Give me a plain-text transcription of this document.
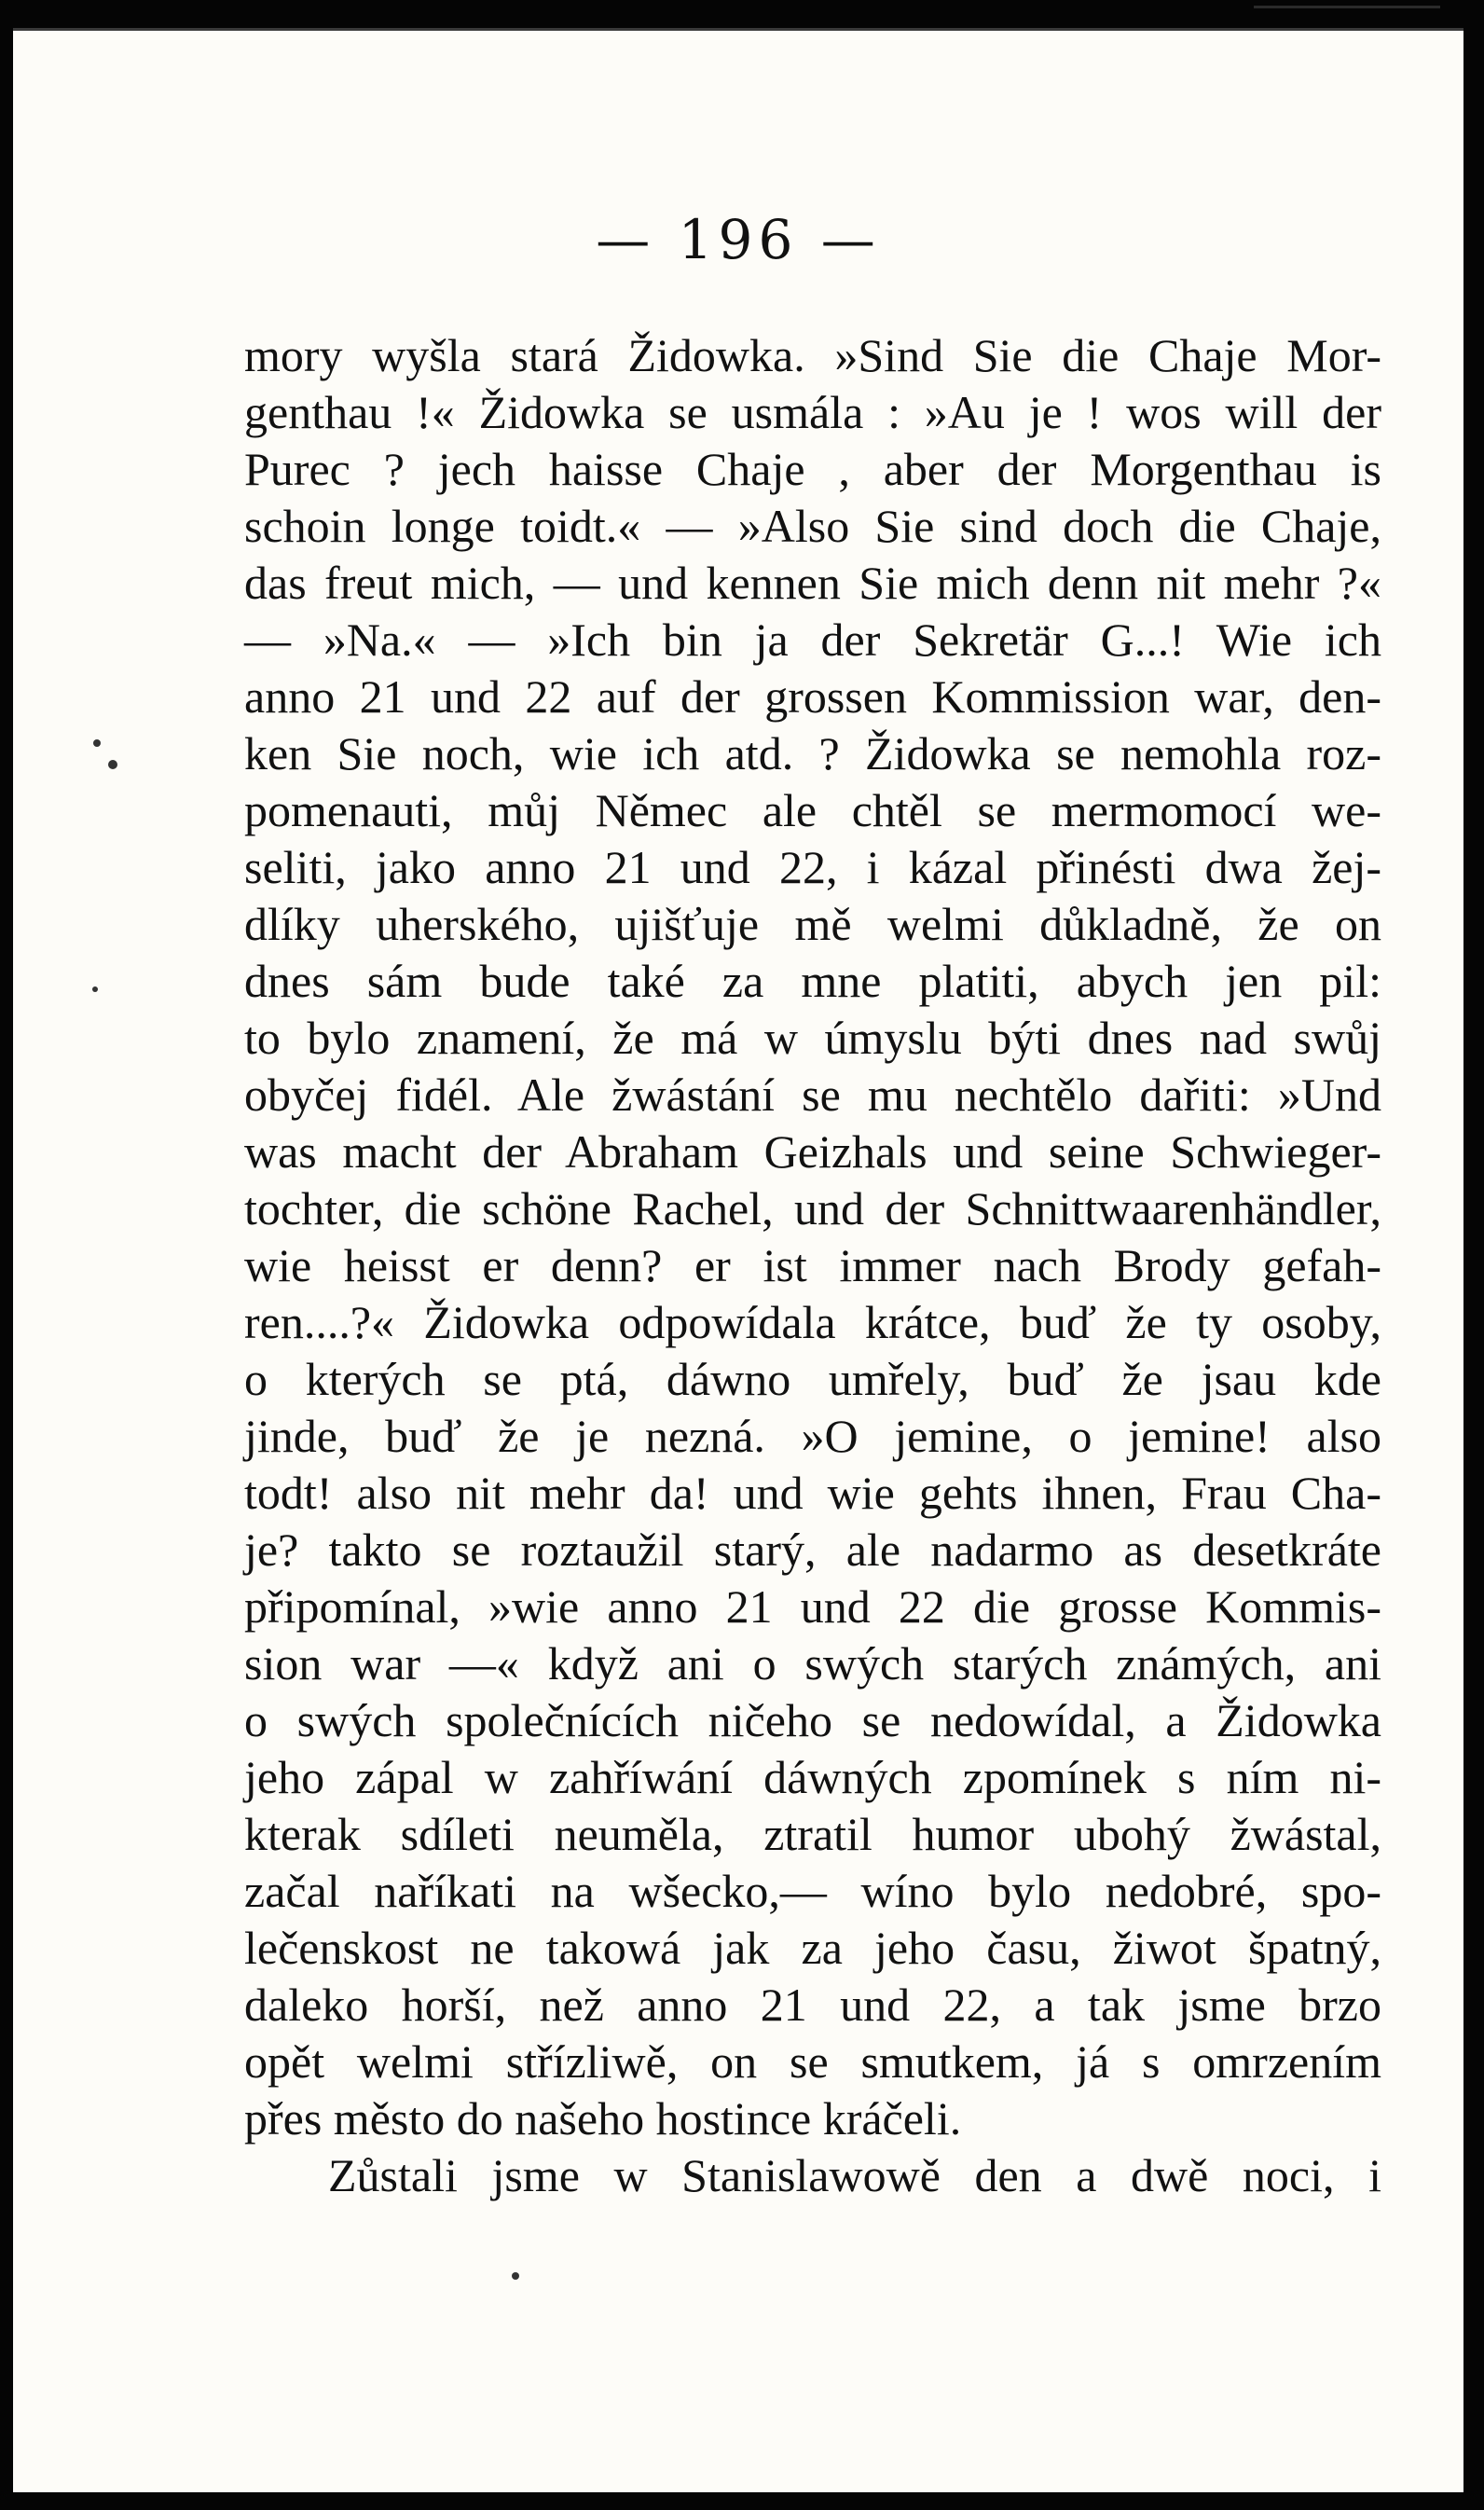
— 196 —
mory wyšla stará Židowka. »Sind Sie die Chaje Mor-
genthau !« Židowka se usmála : »Au je ! wos will der
Purec ? jech haisse Chaje , aber der Morgenthau is
schoin longe toidt.« — »Also Sie sind doch die Chaje,
das freut mich, — und kennen Sie mich denn nit mehr ?«
— »Na.« — »Ich bin ja der Sekretär G...! Wie ich
anno 21 und 22 auf der grossen Kommission war, den-
ken Sie noch, wie ich atd. ? Židowka se nemohla roz-
pomenauti, můj Němec ale chtěl se mermomocí we-
seliti, jako anno 21 und 22, i kázal přinésti dwa žej-
dlíky uherského, ujišťuje mě welmi důkladně, že on
dnes sám bude také za mne platiti, abych jen pil:
to bylo znamení, že má w úmyslu býti dnes nad swůj
obyčej fidél. Ale žwástání se mu nechtělo dařiti: »Und
was macht der Abraham Geizhals und seine Schwieger-
tochter, die schöne Rachel, und der Schnittwaarenhändler,
wie heisst er denn? er ist immer nach Brody gefah-
ren....?« Židowka odpowídala krátce, buď že ty osoby,
o kterých se ptá, dáwno umřely, buď že jsau kde
jinde, buď že je nezná. »O jemine, o jemine! also
todt! also nit mehr da! und wie gehts ihnen, Frau Cha-
je? takto se roztaužil starý, ale nadarmo as desetkráte
připomínal, »wie anno 21 und 22 die grosse Kommis-
sion war —« když ani o swých starých známých, ani
o swých společnících ničeho se nedowídal, a Židowka
jeho zápal w zahříwání dáwných zpomínek s ním ni-
kterak sdíleti neuměla, ztratil humor ubohý žwástal,
začal naříkati na wšecko,— wíno bylo nedobré, spo-
lečenskost ne takowá jak za jeho času, žiwot špatný,
daleko horší, než anno 21 und 22, a tak jsme brzo
opět welmi střízliwě, on se smutkem, já s omrzením
přes město do našeho hostince kráčeli.
Zůstali jsme w Stanislawowě den a dwě noci, i
